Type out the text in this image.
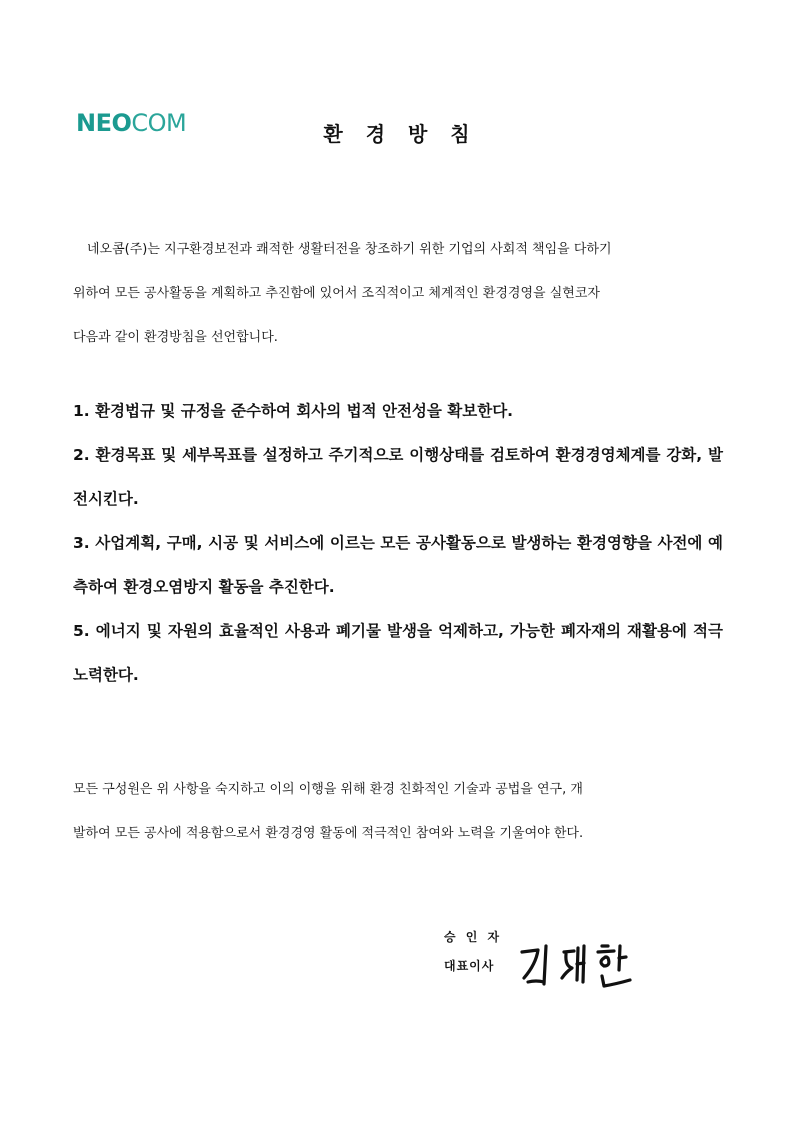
NEOCOM	환 경 방 침
네오콤(주)는 지구환경보전과 쾌적한 생활터전을 창조하기 위한 기업의 사회적 책임을 다하기
위하여 모든 공사활동을 계획하고 추진함에 있어서 조직적이고 체계적인 환경경영을 실현코자
다음과 같이 환경방침을 선언합니다.
1. 환경법규 및 규정을 준수하여 회사의 법적 안전성을 확보한다.
2. 환경목표 및 세부목표를 설정하고 주기적으로 이행상태를 검토하여 환경경영체계를 강화, 발전시킨다.
3. 사업계획, 구매, 시공 및 서비스에 이르는 모든 공사활동으로 발생하는 환경영향을 사전에 예측하여 환경오염방지 활동을 추진한다.
5. 에너지 및 자원의 효율적인 사용과 폐기물 발생을 억제하고, 가능한 폐자재의 재활용에 적극 노력한다.
모든 구성원은 위 사항을 숙지하고 이의 이행을 위해 환경 친화적인 기술과 공법을 연구, 개
발하여 모든 공사에 적용함으로서 환경경영 활동에 적극적인 참여와 노력을 기울여야 한다.
승 인 자
대표이사
